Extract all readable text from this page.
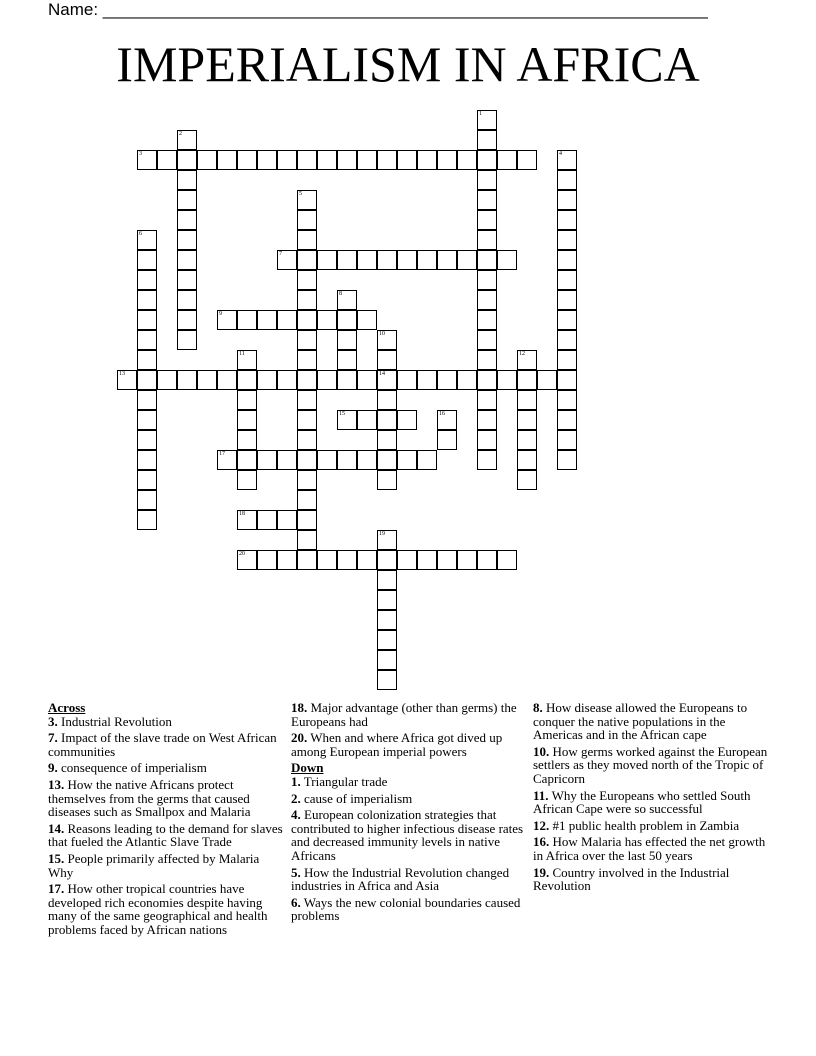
Name: ________________________________________________________________
IMPERIALISM IN AFRICA
1
2
3	4
5
6
7
8
9
10
14
11	12
13
15	16
17
18
19
20
Across
3. Industrial Revolution
7. Impact of the slave trade on West African communities
9. consequence of imperialism
13. How the native Africans protect themselves from the germs that caused diseases such as Smallpox and Malaria
14. Reasons leading to the demand for slaves that fueled the Atlantic Slave Trade
15. People primarily affected by Malaria Why
17. How other tropical countries have developed rich economies despite having many of the same geographical and health problems faced by African nations
18. Major advantage (other than germs) the Europeans had
20. When and where Africa got dived up among European imperial powers
Down
1. Triangular trade
2. cause of imperialism
4. European colonization strategies that contributed to higher infectious disease rates and decreased immunity levels in native Africans
5. How the Industrial Revolution changed industries in Africa and Asia
6. Ways the new colonial boundaries caused problems
8. How disease allowed the Europeans to conquer the native populations in the Americas and in the African cape
10. How germs worked against the European settlers as they moved north of the Tropic of Capricorn
11. Why the Europeans who settled South African Cape were so successful
12. #1 public health problem in Zambia
16. How Malaria has effected the net growth in Africa over the last 50 years
19. Country involved in the Industrial Revolution
